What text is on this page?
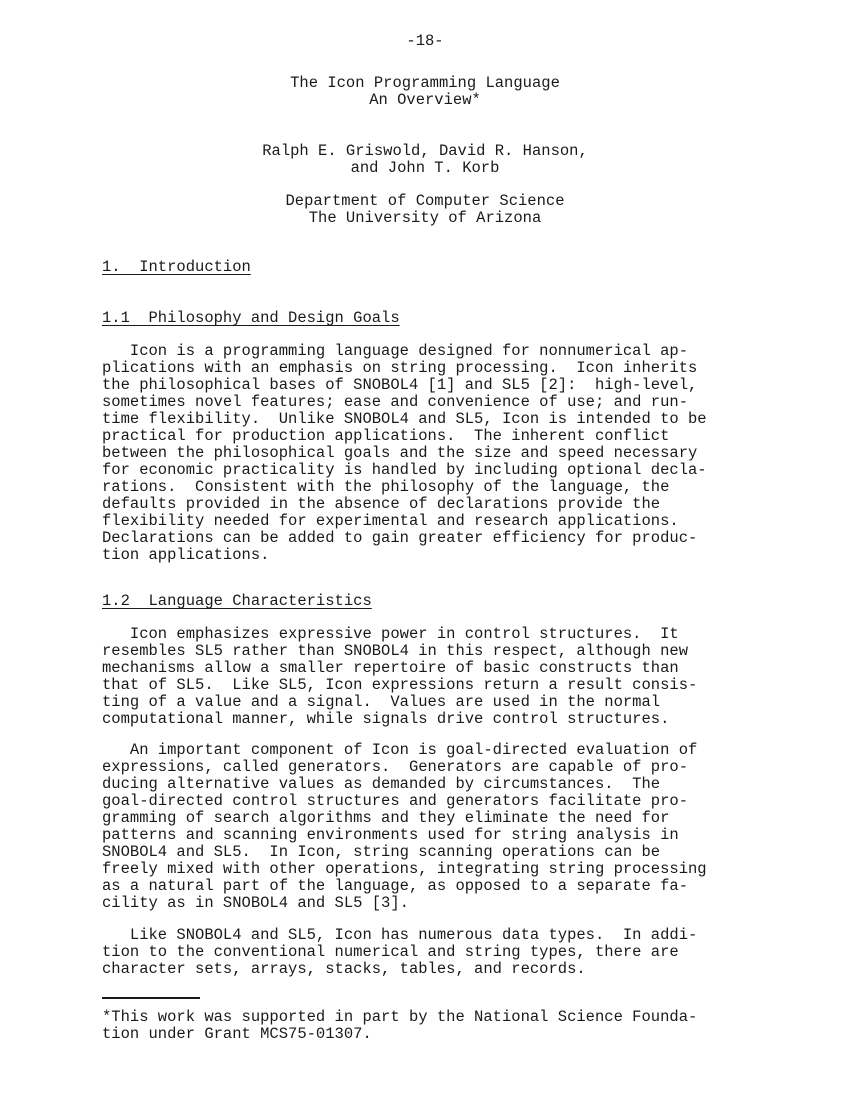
-18-
The Icon Programming Language
An Overview*
Ralph E. Griswold, David R. Hanson,
and John T. Korb
Department of Computer Science
The University of Arizona
1.  Introduction
1.1  Philosophy and Design Goals
Icon is a programming language designed for nonnumerical ap-
plications with an emphasis on string processing.  Icon inherits
the philosophical bases of SNOBOL4 [1] and SL5 [2]:  high-level,
sometimes novel features; ease and convenience of use; and run-
time flexibility.  Unlike SNOBOL4 and SL5, Icon is intended to be
practical for production applications.  The inherent conflict
between the philosophical goals and the size and speed necessary
for economic practicality is handled by including optional decla-
rations.  Consistent with the philosophy of the language, the
defaults provided in the absence of declarations provide the
flexibility needed for experimental and research applications.
Declarations can be added to gain greater efficiency for produc-
tion applications.
1.2  Language Characteristics
Icon emphasizes expressive power in control structures.  It
resembles SL5 rather than SNOBOL4 in this respect, although new
mechanisms allow a smaller repertoire of basic constructs than
that of SL5.  Like SL5, Icon expressions return a result consis-
ting of a value and a signal.  Values are used in the normal
computational manner, while signals drive control structures.
An important component of Icon is goal-directed evaluation of
expressions, called generators.  Generators are capable of pro-
ducing alternative values as demanded by circumstances.  The
goal-directed control structures and generators facilitate pro-
gramming of search algorithms and they eliminate the need for
patterns and scanning environments used for string analysis in
SNOBOL4 and SL5.  In Icon, string scanning operations can be
freely mixed with other operations, integrating string processing
as a natural part of the language, as opposed to a separate fa-
cility as in SNOBOL4 and SL5 [3].
Like SNOBOL4 and SL5, Icon has numerous data types.  In addi-
tion to the conventional numerical and string types, there are
character sets, arrays, stacks, tables, and records.
*This work was supported in part by the National Science Founda-
tion under Grant MCS75-01307.
